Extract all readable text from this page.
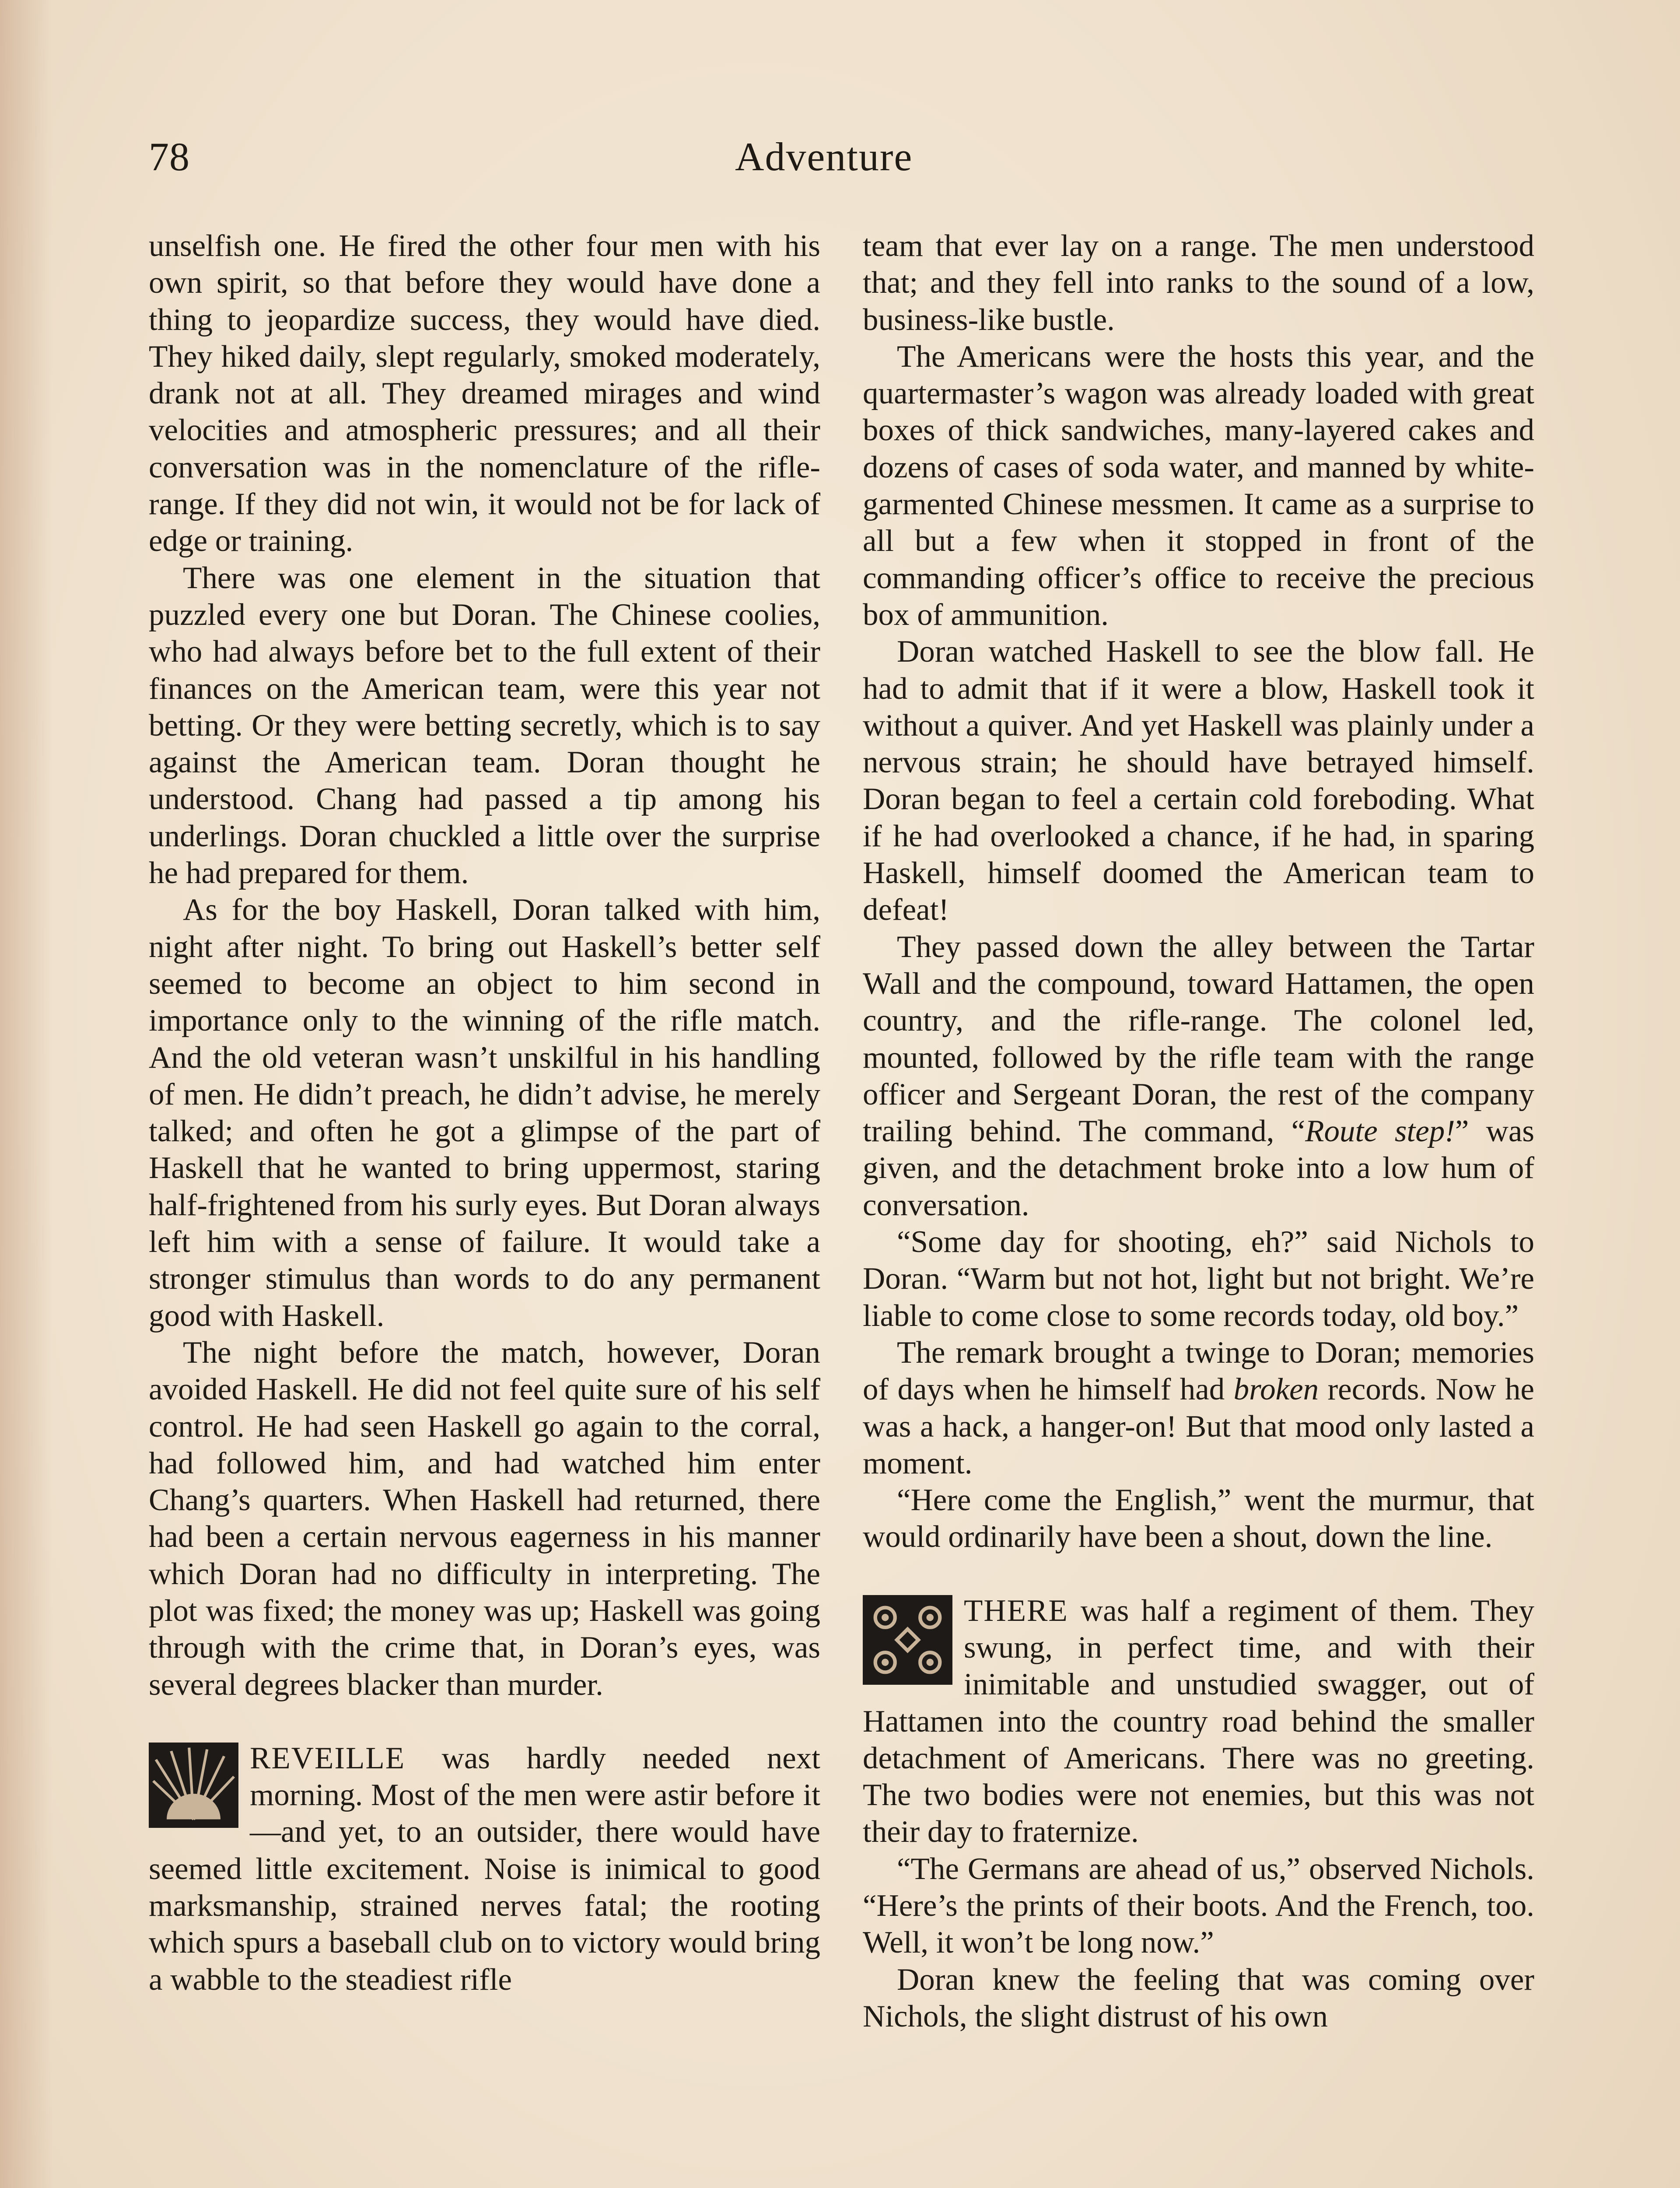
78	Adventure

unselfish one. He fired the other four men with his own spirit, so that before they would have done a thing to jeopardize success, they would have died. They hiked daily, slept regularly, smoked moderately, drank not at all. They dreamed mirages and wind velocities and atmospheric pressures; and all their conversation was in the nomenclature of the rifle-range. If they did not win, it would not be for lack of edge or training.

There was one element in the situation that puzzled every one but Doran. The Chinese coolies, who had always before bet to the full extent of their finances on the American team, were this year not betting. Or they were betting secretly, which is to say against the American team. Doran thought he understood. Chang had passed a tip among his underlings. Doran chuckled a little over the surprise he had prepared for them.

As for the boy Haskell, Doran talked with him, night after night. To bring out Haskell’s better self seemed to become an object to him second in importance only to the winning of the rifle match. And the old veteran wasn’t unskilful in his handling of men. He didn’t preach, he didn’t advise, he merely talked; and often he got a glimpse of the part of Haskell that he wanted to bring uppermost, staring half-frightened from his surly eyes. But Doran always left him with a sense of failure. It would take a stronger stimulus than words to do any permanent good with Haskell.

The night before the match, however, Doran avoided Haskell. He did not feel quite sure of his self control. He had seen Haskell go again to the corral, had followed him, and had watched him enter Chang’s quarters. When Haskell had returned, there had been a certain nervous eagerness in his manner which Doran had no difficulty in interpreting. The plot was fixed; the money was up; Haskell was going through with the crime that, in Doran’s eyes, was several degrees blacker than murder.

REVEILLE was hardly needed next morning. Most of the men were astir before it—and yet, to an outsider, there would have seemed little excitement. Noise is inimical to good marksmanship, strained nerves fatal; the rooting which spurs a baseball club on to victory would bring a wabble to the steadiest rifle

team that ever lay on a range. The men understood that; and they fell into ranks to the sound of a low, business-like bustle.

The Americans were the hosts this year, and the quartermaster’s wagon was already loaded with great boxes of thick sandwiches, many-layered cakes and dozens of cases of soda water, and manned by white-garmented Chinese messmen. It came as a surprise to all but a few when it stopped in front of the commanding officer’s office to receive the precious box of ammunition.

Doran watched Haskell to see the blow fall. He had to admit that if it were a blow, Haskell took it without a quiver. And yet Haskell was plainly under a nervous strain; he should have betrayed himself. Doran began to feel a certain cold foreboding. What if he had overlooked a chance, if he had, in sparing Haskell, himself doomed the American team to defeat!

They passed down the alley between the Tartar Wall and the compound, toward Hattamen, the open country, and the rifle-range. The colonel led, mounted, followed by the rifle team with the range officer and Sergeant Doran, the rest of the company trailing behind. The command, “Route step!” was given, and the detachment broke into a low hum of conversation.

“Some day for shooting, eh?” said Nichols to Doran. “Warm but not hot, light but not bright. We’re liable to come close to some records today, old boy.”

The remark brought a twinge to Doran; memories of days when he himself had broken records. Now he was a hack, a hanger-on! But that mood only lasted a moment.

“Here come the English,” went the murmur, that would ordinarily have been a shout, down the line.

THERE was half a regiment of them. They swung, in perfect time, and with their inimitable and unstudied swagger, out of Hattamen into the country road behind the smaller detachment of Americans. There was no greeting. The two bodies were not enemies, but this was not their day to fraternize.

“The Germans are ahead of us,” observed Nichols. “Here’s the prints of their boots. And the French, too. Well, it won’t be long now.”

Doran knew the feeling that was coming over Nichols, the slight distrust of his own
